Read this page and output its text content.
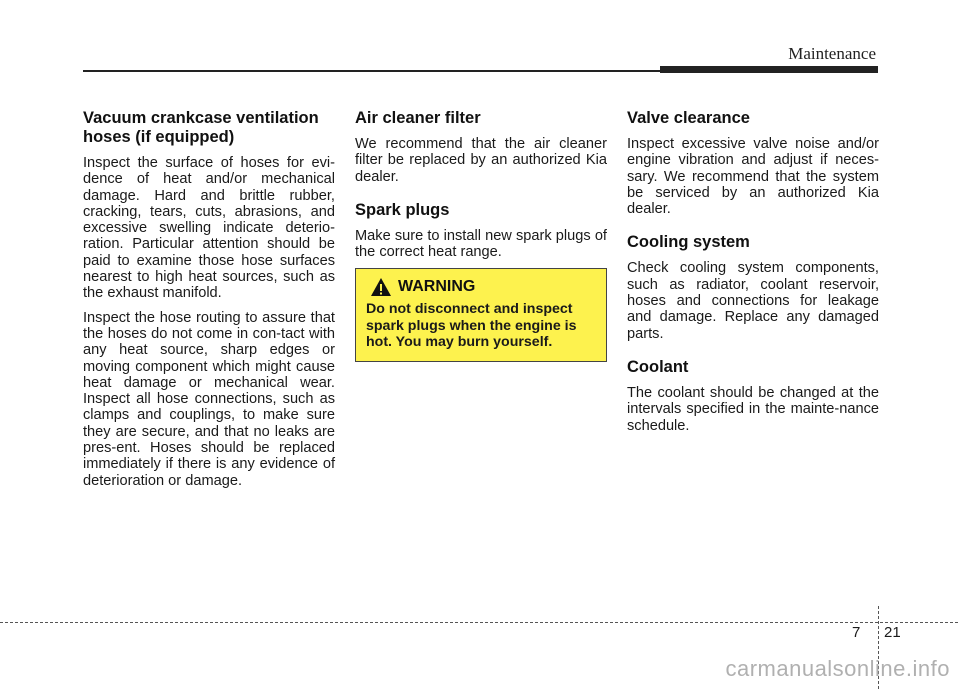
Maintenance
Vacuum crankcase ventilation hoses (if equipped)

Inspect the surface of hoses for evi-dence of heat and/or mechanical damage. Hard and brittle rubber, cracking, tears, cuts, abrasions, and excessive swelling indicate deterio-ration. Particular attention should be paid to examine those hose surfaces nearest to high heat sources, such as the exhaust manifold.

Inspect the hose routing to assure that the hoses do not come in con-tact with any heat source, sharp edges or moving component which might cause heat damage or mechanical wear. Inspect all hose connections, such as clamps and couplings, to make sure they are secure, and that no leaks are pres-ent. Hoses should be replaced immediately if there is any evidence of deterioration or damage.

Air cleaner filter

We recommend that the air cleaner filter be replaced by an authorized Kia dealer.

Spark plugs

Make sure to install new spark plugs of the correct heat range.

WARNING

Do not disconnect and inspect spark plugs when the engine is hot. You may burn yourself.

Valve clearance

Inspect excessive valve noise and/or engine vibration and adjust if neces-sary. We recommend that the system be serviced by an authorized Kia dealer.

Cooling system

Check cooling system components, such as radiator, coolant reservoir, hoses and connections for leakage and damage. Replace any damaged parts.

Coolant

The coolant should be changed at the intervals specified in the mainte-nance schedule.

7 21
carmanualsonline.info
